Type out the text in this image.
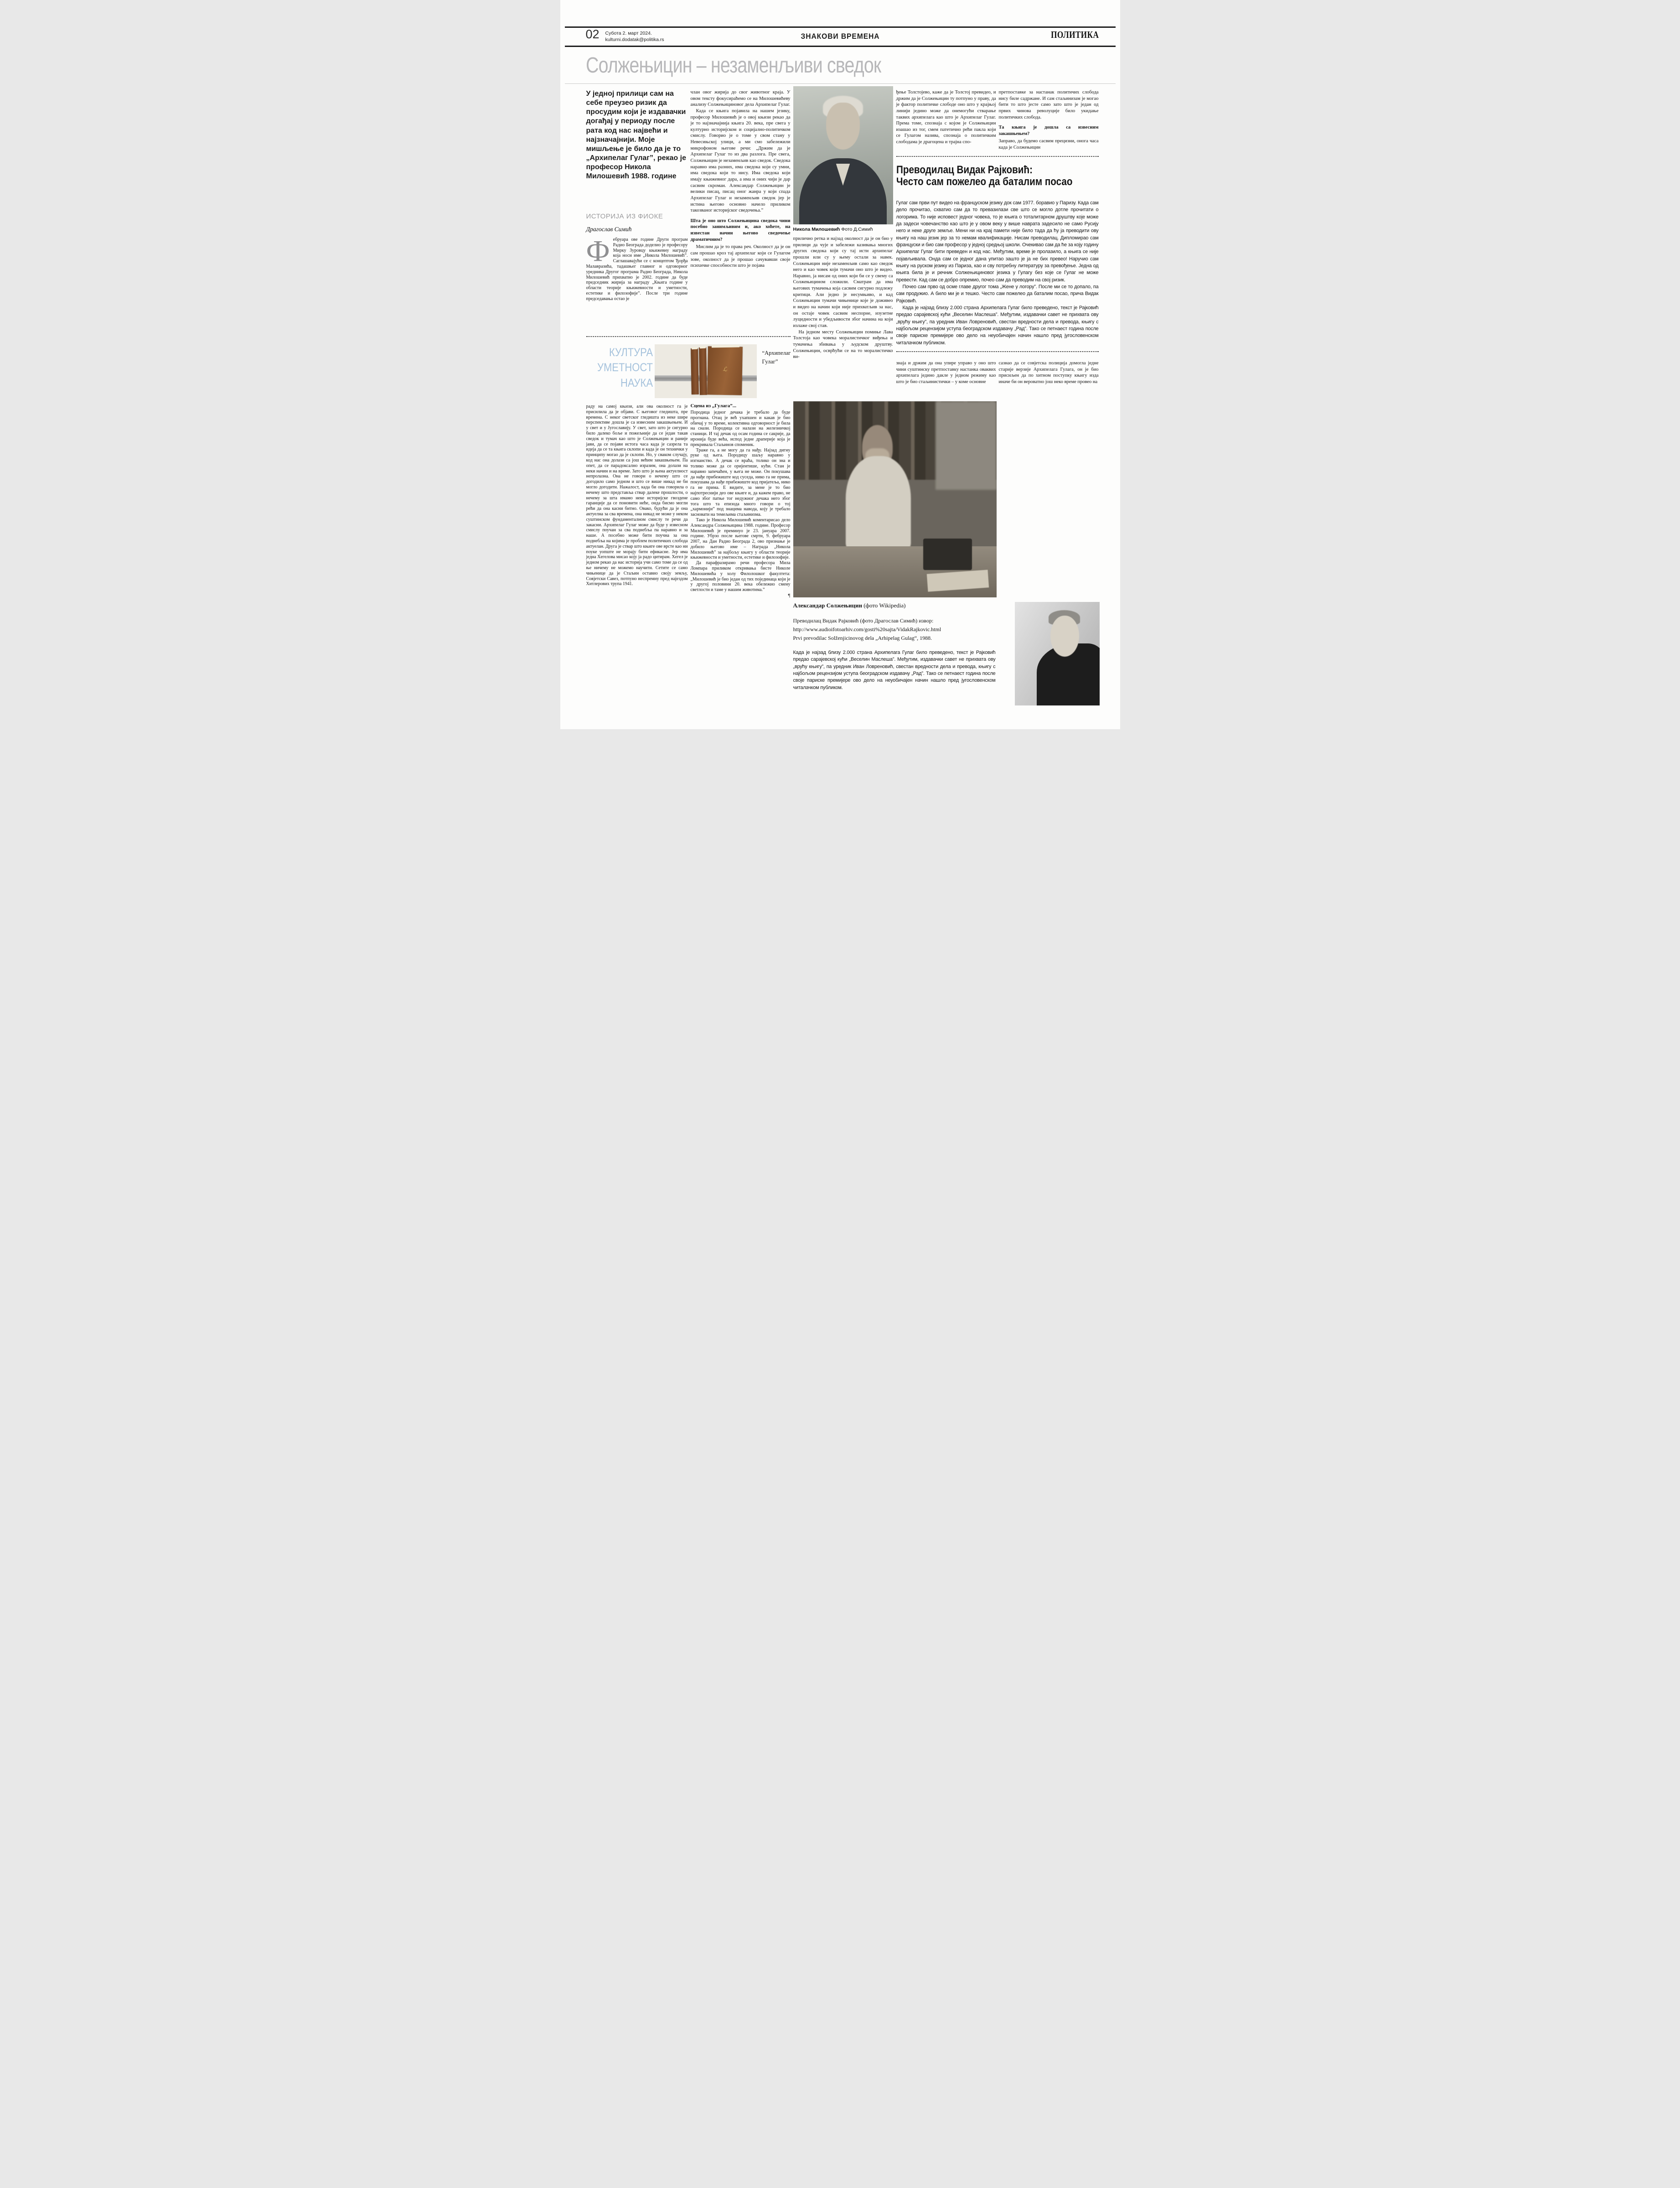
02 Субота 2. март 2024.
kulturni.dodatak@politika.rs	ЗНАКОВИ ВРЕМЕНА	ПОЛИТИКА
Солжењицин – незаменљиви сведок
У једној прилици сам на себе преузео ризик да просудим који је издавачки догађај у периоду после рата код нас највећи и најзначајнији. Моје мишљење је било да је то „Архипелаг Гулаг”, рекао је професор Никола Милошевић 1988. године
ИСТОРИЈА ИЗ ФИОКЕ
Драгослав Симић
Ф ебруара ове године Други програм Радио Београда доделио је професору Мирку Зуровцу књижевну награду која носи име „Никола Милошевић”. Саглашавајући се с концептом Ђорђа Малавразића, тадашњег главног и одговорног уредника Другог програма Радио Београда, Никола Милошевић прихватио је 2002. године да буде председник жирија за награду „Књига године у области теорије књижевности и уметности, естетике и филозофије”. После три године председавања остао је

члан овог жирија до свог животног краја. У овом тексту фокусираћемо се на Милошевићеву анализу Солжењициновог дела Архипелаг Гулаг.

Када се књига појавила на нашем језику, професор Милошевић је о овој књизи рекао да је то најзначајнија књига 20. века, пре свега у културно историјском и социјално-политичком смислу. Говорио је о томе у свом стану у Невесињској улици, а ми смо забележили микрофоном његове речи: „Држим да је Архипелаг Гулаг то из два разлога. Пре свега, Солжењицин је незаменљив као сведок. Сведока наравно има разних, има сведока који су умни, има сведока који то нису. Има сведока који имају књижевног дара, а има и оних чији је дар сасвим скроман. Александар Солжењицин је велики писац, писац оног жанра у који спада Архипелаг Гулаг и незаменљив сведок јер је истина његово основно начело приликом такозваног историјског сведочења.”

Шта је оно што Солжењицина сведока чини посебно занимљивим и, ако хоћете, на известан начин његово сведочење драматичним?

Мислим да је то права реч. Околност да је он сам прошао кроз тај архипелаг који се Гулагом зове, околност да је прошао сачувавши своје психичке способности што је појава

Никола Милошевић Фото Д.Симић

прилично ретка и најзад околност да је он био у прилици да чује и забележи казивања многих других сведока који су тај исти архипелаг прошли или су у њему остали за навек. Солжењицин није незаменљив само као сведок него и као човек који тумачи оно што је видео. Наравно, ја нисам од оних који би се у свему са Солжењицином сложили. Сматрам да има његових тумачења која сасвим сигурно подлежу критици. Али једно је несумњиво, и кад Солжењицин тумачи чињенице које је доживео и видео на начин који није прихватљив за нас, он остаје човек сасвим неспорне, изузетне луцидности и убедљивости због начина на који излаже свој став.

На једном месту Солжењицин помиње Лава Толстоја као човека моралистичког виђења и тумачења збивања у људском друштву. Солжењицин, осврћући се на то моралистичко ви-

ђење Толстојево, каже да је Толстој превидео, и држим да је Солжењицин ту потпуно у праву, да је фактор политичке слободе оно што у крајњој линији једино може да онемогући стварање таквих архипелага као што је Архипелаг Гулаг. Према томе, спознаја с којом је Солжењицин изашао из тог, смем патетично рећи пакла који се Гулагом назива, спознаја о политичким слободама је драгоцена и трајна спо-

претпоставке за настанак политичих слобода нису биле садржане. И сам стаљинизам је могао бити то што јесте само зато што је један од првих чинова револуције било укидање политичких слобода.

Та књига је дошла са извесним закашњењем?

Заправо, да будемо сасвим прецизни, онога часа када је Солжењицин

Преводилац Видак Рајковић:
Често сам пожелео да баталим посао

Гулаг сам први пут видео на француском језику док сам 1977. боравио у Паризу. Када сам дело прочитао, схватио сам да то превазилази све што се могло дотле прочитати о логорима. То није исповест једног човека, то је књига о тоталитарном друштву које може да задеси човечанство као што је у овом веку у више наврата задесило не само Русију него и неке друге земље. Мени ни на крај памети није било тада да ћу ја преводити ову књигу на наш језик јер за то немам квалификације. Нисам преводилац. Дипломирао сам француски и био сам професор у једној средњој школи. Очекивао сам да ће за коју годину Архипелаг Гулаг бити преведен и код нас. Међутим, време је пролазило, а књига се није појављивала. Онда сам се једног дана упитао зашто је ја не бих превео! Наручио сам књигу на руском језику из Париза, као и сву потребну литературу за превођење. Једна од књига била је и речник Солжењициновог језика у Гулагу без које се Гулаг не може превести. Кад сам се добро опремио, почео сам да преводим на свој ризик.

Почео сам прво од осме главе другог тома „Жене у логору”. После ми се то допало, па сам продужио. А било ми је и тешко. Често сам пожелео да баталим посао, прича Видак Рајковић.

Када је најзад близу 2.000 страна Архипелага Гулаг било преведено, текст је Рајковић предао сарајевској кући „Веселин Маслеша”. Међутим, издавачки савет не прихвата ову „врућу књигу”, па уредник Иван Ловреновић, свестан вредности дела и превода, књигу с најбољом рецензијом уступа београдском издавачу „Рад”. Тако се петнаест година после своје париске премијере ово дело на неуобичајен начин нашло пред југословенском читалачком публиком.

знаја и држим да она упире управо у оно што чини суштинску претпоставку настанка оваквих архипелага једино дакле у једном режиму као што је био стаљинистички – у коме основне

сазнао да се совјетска полиција домогла једне старије верзије Архипелага Гулага, он је био присиљен да по хитном поступку књигу изда иначе би он вероватно још неко време провео на

КУЛТУРА
УМЕТНОСТ
НАУКА
ℒ
“Архипелаг
Гулаг”

раду на самој књизи, али ова околност га је присилила да је објави. С његовог гледишта, пре времена. С неког светског гледишта из неке шире перспективе дошла је са извесним закашњењем. И у свет и у Југославију. У свет, зато што је сигурно било далеко боље и пожељније да се један такав сведок и тумач као што је Солжењицин и раније јави, да се појави истога часа када је сазрела та идеја да се та књига склопи и када је он технички у принципу могао да је склопи. Но, у сваком случају, код нас она долази са још већим закашњењем. Па опет, да се парадоксално изразим, она долази на неки начин и на време. Зато што је њена актуелност непролазна. Она не говори о нечему што се догодило само једном и што се више никад не би могло догодити. Нажалост, када би она говорила о нечему што представља ствар далеке прошлости, о нечему за шта имамо неке историјске гвоздене гаранције да се поновити неће, онда бисмо могли рећи да она касни битно. Овако, будући да је она актуелна за сва времена, она никад не може у неком суштинском фундаменталном смислу те речи да закасни. Архипелаг Гулаг може да буде у извесном смислу поучан за сва поднебља па наравно и за наше. А посебно може бити поучна за она поднебља на којима је проблем политичких слобода актуелан. Друга је ствар што књиге ове врсте као ни поуке уопште не морају бити ефикасне. Јер има једна Хегелова мисао коју ја радо цитирам. Хегел је једном рекао да нас историја учи само томе да се од ње ничему не можемо научити. Сетите се само чињенице да је Стаљин оставио своју земљу, Совјетски Савез, потпуно неспремну пред најездом Хитлерових трупа 1941.

Сцена из „Гулага”...

Породица једног дечака је требало да буде прогнана. Отац је већ ухапшен и какав је био обичај у то време, колективна одговорност је била на снази. Породица се налази на железничкој станици. И тај дечак од осам година се сакрије, да иронија буде већа, испод једне драперије која је прекривала Стаљинов споменик.

Траже га, а не могу да га нађу. Најзад дигну руке од њега. Породицу шаљу наравно у изгнанство. А дечак се враћа, толико он зна и толико може да се оријентише, кући. Стан је наравно запечаћен, у њега не може. Он покушава да нађе прибежиште код суседа, нико га не прима, покушава да нађе прибежиште код пријатеља, нико га не прима. Е видите, за мене је то био најпотреснији део ове књиге и, да кажем право, не само због патње тог недужног дечака него због тога што та епизода много говори о тој „хармонији” под знацима навода, коју је требало засновати на темељима стаљинизма.

Тако је Никола Милошевић коментарисао дело Александра Солжењицина 1988. године. Професор Милошевић је преминуо је 23. јануара 2007. године. Убрзо после његове смрти, 9. фебруара 2007, на Дан Радио Београда 2, ово признање је добило његово име – Награда „Никола Милошевић” за најбољу књигу у области теорије књижевности и уметности, естетике и филозофије.

Да парафразирамо речи професора Мила Ломпара приликом откривања бисте Николе Милошевића у холу Филолошког факултета: „Милошевић је био један од тих појединаца који је у другој половини 20. века обележио смену светлости и таме у нашим животима.”

¶

Александар Солжењицин (фото Wikipedia)
Преводилац Видак Рајковић (фото Драгослав Симић) извор:
http://www.audioifotoarhiv.com/gosti%20sajta/VidakRajkovic.html
Prvi prevodilac Solženjicinovog dela „Arhipelag Gulag“, 1988.

Када је најзад близу 2.000 страна Архипелага Гулаг било преведено, текст је Рајковић предао сарајевској кући „Веселин Маслеша”. Међутим, издавачки савет не прихвата ову „врућу књигу”, па уредник Иван Ловреновић, свестан вредности дела и превода, књигу с најбољом рецензијом уступа београдском издавачу „Рад”. Тако се петнаест година после своје париске премијере ово дело на неуобичајен начин нашло пред југословенском читалачком публиком.
